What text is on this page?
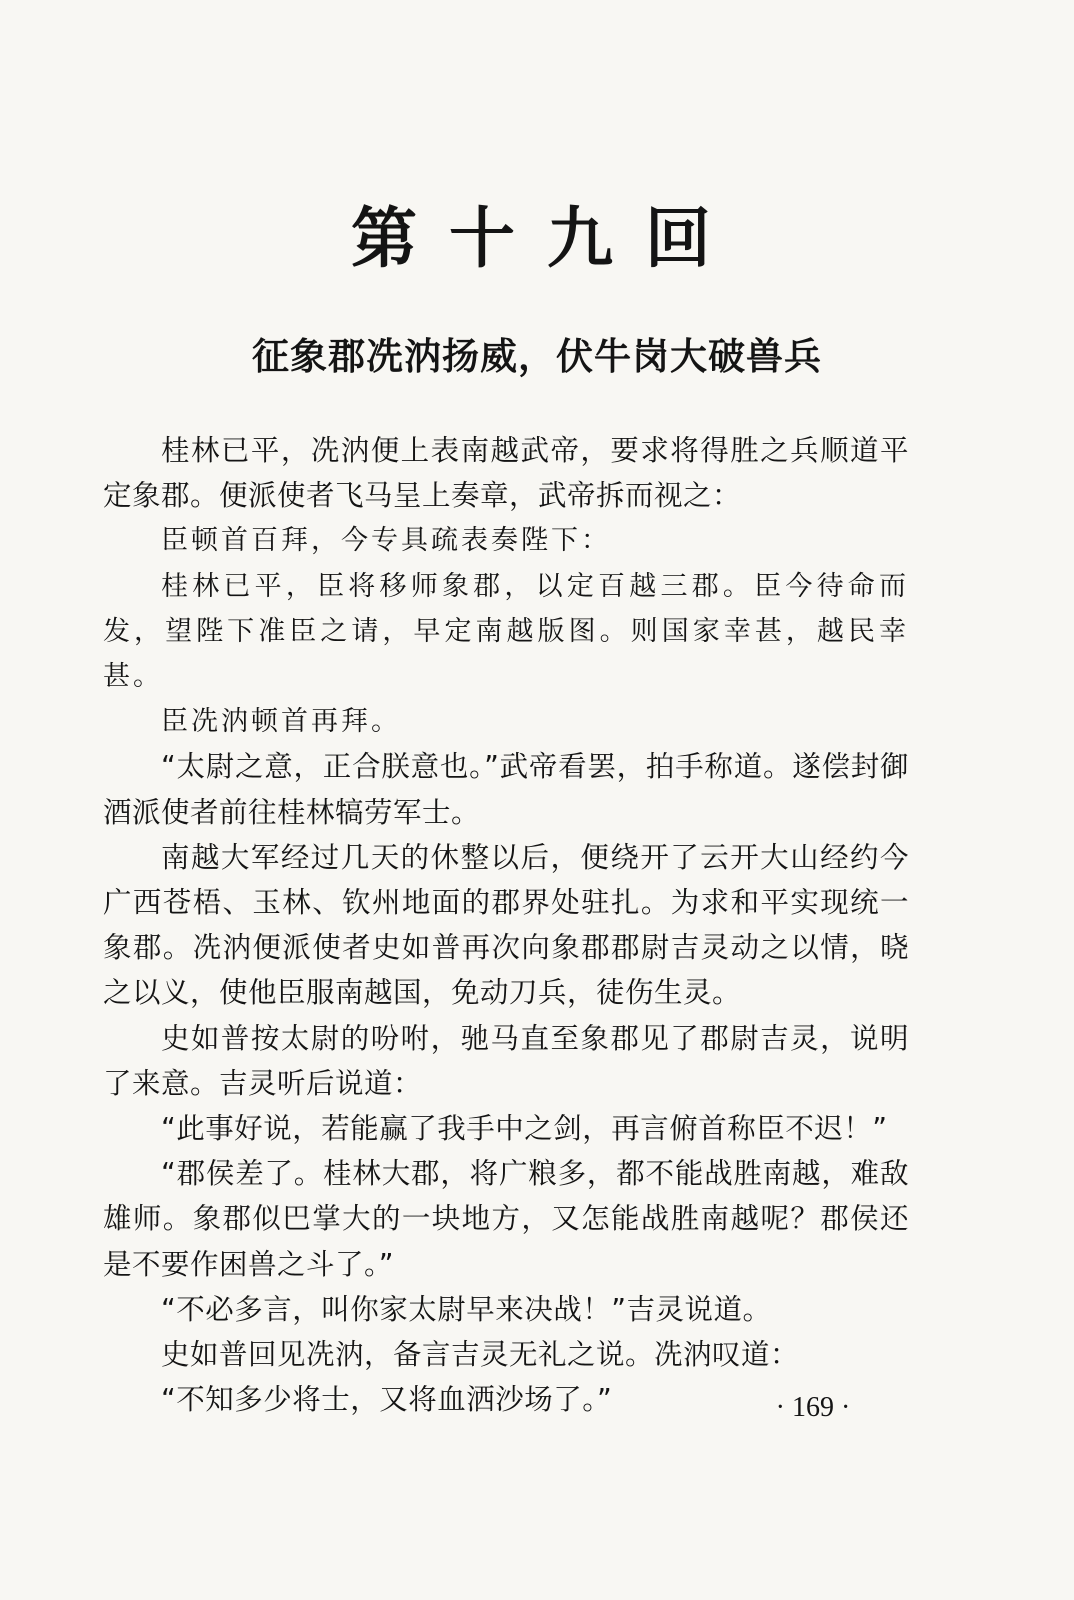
第十九回
征象郡冼汭扬威，伏牛岗大破兽兵

桂林已平，冼汭便上表南越武帝，要求将得胜之兵顺道平定象郡。便派使者飞马呈上奏章，武帝拆而视之：

臣顿首百拜，今专具疏表奏陛下：

桂林已平，臣将移师象郡，以定百越三郡。臣今待命而发，望陛下准臣之请，早定南越版图。则国家幸甚，越民幸甚。

臣冼汭顿首再拜。

“太尉之意，正合朕意也。”武帝看罢，拍手称道。遂偿封御酒派使者前往桂林犒劳军士。

南越大军经过几天的休整以后，便绕开了云开大山经约今广西苍梧、玉林、钦州地面的郡界处驻扎。为求和平实现统一象郡。冼汭便派使者史如普再次向象郡郡尉吉灵动之以情，晓之以义，使他臣服南越国，免动刀兵，徒伤生灵。

史如普按太尉的吩咐，驰马直至象郡见了郡尉吉灵，说明了来意。吉灵听后说道：

“此事好说，若能赢了我手中之剑，再言俯首称臣不迟！”

“郡侯差了。桂林大郡，将广粮多，都不能战胜南越，难敌雄师。象郡似巴掌大的一块地方，又怎能战胜南越呢？郡侯还是不要作困兽之斗了。”

“不必多言，叫你家太尉早来决战！”吉灵说道。

史如普回见冼汭，备言吉灵无礼之说。冼汭叹道：

“不知多少将士，又将血洒沙场了。”	· 169 ·
